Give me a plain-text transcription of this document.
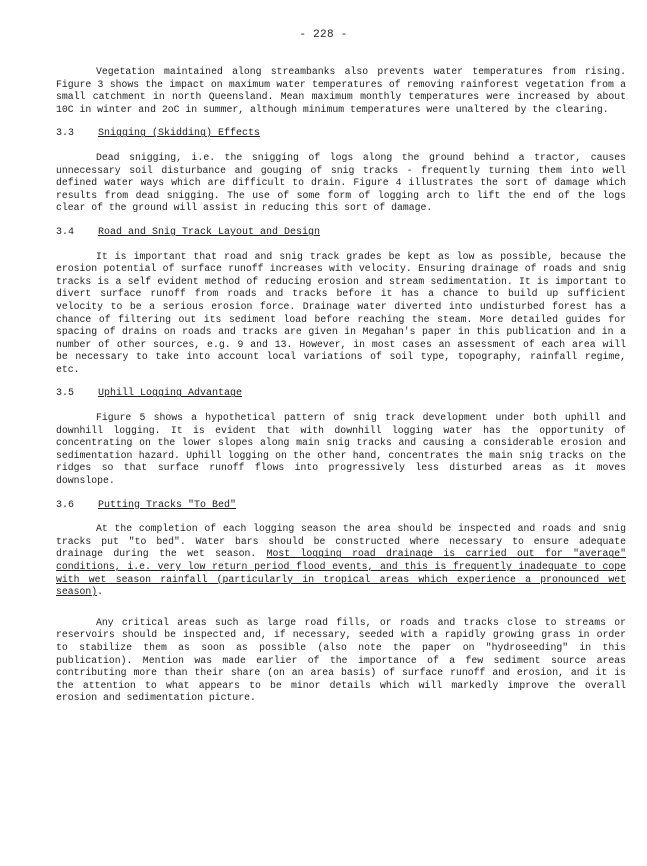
- 228 -

Vegetation maintained along streambanks also prevents water temperatures from rising. Figure 3 shows the impact on maximum water temperatures of removing rainforest vegetation from a small catchment in north Queensland. Mean maximum monthly temperatures were increased by about 10C in winter and 2oC in summer, although minimum temperatures were unaltered by the clearing.

3.3	Snigging (Skidding) Effects

Dead snigging, i.e. the snigging of logs along the ground behind a tractor, causes unnecessary soil disturbance and gouging of snig tracks - frequently turning them into well defined water ways which are difficult to drain. Figure 4 illustrates the sort of damage which results from dead snigging. The use of some form of logging arch to lift the end of the logs clear of the ground will assist in reducing this sort of damage.

3.4	Road and Snig Track Layout and Design

It is important that road and snig track grades be kept as low as possible, because the erosion potential of surface runoff increases with velocity. Ensuring drainage of roads and snig tracks is a self evident method of reducing erosion and stream sedimentation. It is important to divert surface runoff from roads and tracks before it has a chance to build up sufficient velocity to be a serious erosion force. Drainage water diverted into undisturbed forest has a chance of filtering out its sediment load before reaching the steam. More detailed guides for spacing of drains on roads and tracks are given in Megahan's paper in this publication and in a number of other sources, e.g. 9 and 13. However, in most cases an assessment of each area will be necessary to take into account local variations of soil type, topography, rainfall regime, etc.

3.5	Uphill Logging Advantage

Figure 5 shows a hypothetical pattern of snig track development under both uphill and downhill logging. It is evident that with downhill logging water has the opportunity of concentrating on the lower slopes along main snig tracks and causing a considerable erosion and sedimentation hazard. Uphill logging on the other hand, concentrates the main snig tracks on the ridges so that surface runoff flows into progressively less disturbed areas as it moves downslope.

3.6	Putting Tracks "To Bed"

At the completion of each logging season the area should be inspected and roads and snig tracks put "to bed". Water bars should be constructed where necessary to ensure adequate drainage during the wet season. Most logging road drainage is carried out for "average" conditions, i.e. very low return period flood events, and this is frequently inadequate to cope with wet season rainfall (particularly in tropical areas which experience a pronounced wet season).

Any critical areas such as large road fills, or roads and tracks close to streams or reservoirs should be inspected and, if necessary, seeded with a rapidly growing grass in order to stabilize them as soon as possible (also note the paper on "hydroseeding" in this publication). Mention was made earlier of the importance of a few sediment source areas contributing more than their share (on an area basis) of surface runoff and erosion, and it is the attention to what appears to be minor details which will markedly improve the overall erosion and sedimentation picture.
